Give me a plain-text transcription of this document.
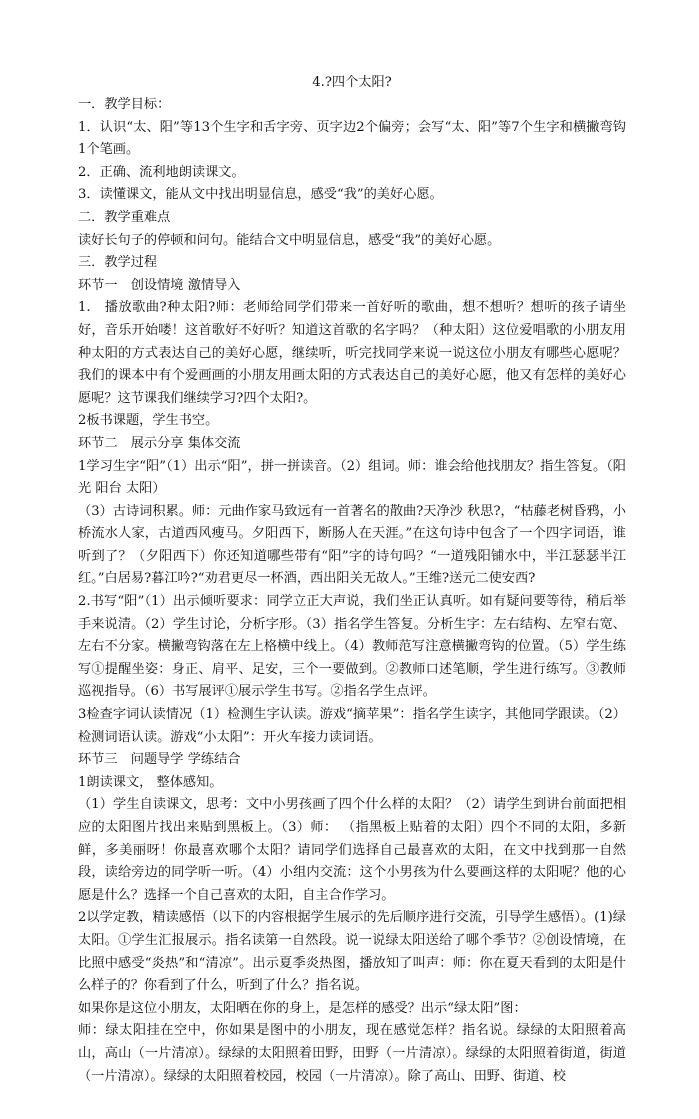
4.?四个太阳?

一．教学目标：

1．认识“太、阳”等13个生字和舌字旁、页字边2个偏旁；会写“太、阳”等7个生字和横撇弯钩1个笔画。

2．正确、流利地朗读课文。

3．读懂课文，能从文中找出明显信息，感受“我”的美好心愿。

二．教学重难点

读好长句子的停顿和问句。能结合文中明显信息，感受“我”的美好心愿。

三．教学过程

环节一　创设情境 激情导入

1.　播放歌曲?种太阳?师：老师给同学们带来一首好听的歌曲，想不想听？想听的孩子请坐好，音乐开始喽！这首歌好不好听？知道这首歌的名字吗？（种太阳）这位爱唱歌的小朋友用种太阳的方式表达自己的美好心愿，继续听，听完找同学来说一说这位小朋友有哪些心愿呢？我们的课本中有个爱画画的小朋友用画太阳的方式表达自己的美好心愿，他又有怎样的美好心愿呢？这节课我们继续学习?四个太阳?。

2板书课题，学生书空。

环节二　展示分享 集体交流

1学习生字“阳”（1）出示“阳”，拼一拼读音。（2）组词。师：谁会给他找朋友？指生答复。（阳光 阳台 太阳）

（3）古诗词积累。师：元曲作家马致远有一首著名的散曲?天净沙 秋思?，“枯藤老树昏鸦，小桥流水人家，古道西风瘦马。夕阳西下，断肠人在天涯。”在这句诗中包含了一个四字词语，谁听到了？（夕阳西下）你还知道哪些带有“阳”字的诗句吗？“一道残阳铺水中，半江瑟瑟半江红。”白居易?暮江吟?“劝君更尽一杯酒，西出阳关无故人。”王维?送元二使安西?

2.书写“阳”（1）出示倾听要求：同学立正大声说，我们坐正认真听。如有疑问要等待，稍后举手来说清。（2）学生讨论，分析字形。（3）指名学生答复。分析生字：左右结构、左窄右宽、左右不分家。横撇弯钩落在左上格横中线上。（4）教师范写注意横撇弯钩的位置。（5）学生练写①提醒坐姿：身正、肩平、足安，三个一要做到。②教师口述笔顺，学生进行练写。③教师巡视指导。（6）书写展评①展示学生书写。②指名学生点评。

3检查字词认读情况（1）检测生字认读。游戏“摘苹果”：指名学生读字，其他同学跟读。（2）检测词语认读。游戏“小太阳”：开火车接力读词语。

环节三　问题导学 学练结合

1朗读课文， 整体感知。

（1）学生自读课文，思考：文中小男孩画了四个什么样的太阳？（2）请学生到讲台前面把相应的太阳图片找出来贴到黑板上。（3）师： （指黑板上贴着的太阳）四个不同的太阳，多新鲜，多美丽呀！你最喜欢哪个太阳？请同学们选择自己最喜欢的太阳，在文中找到那一自然段，读给旁边的同学听一听。（4）小组内交流：这个小男孩为什么要画这样的太阳呢？他的心愿是什么？选择一个自己喜欢的太阳，自主合作学习。

2以学定教，精读感悟（以下的内容根据学生展示的先后顺序进行交流，引导学生感悟）。(1)绿太阳。①学生汇报展示。指名读第一自然段。说一说绿太阳送给了哪个季节？②创设情境，在比照中感受“炎热”和“清凉”。出示夏季炎热图，播放知了叫声：师：你在夏天看到的太阳是什么样子的？你看到了什么，听到了什么？指名说。

如果你是这位小朋友，太阳晒在你的身上，是怎样的感受？出示“绿太阳”图：

师：绿太阳挂在空中，你如果是图中的小朋友，现在感觉怎样？指名说。绿绿的太阳照着高山，高山（一片清凉）。绿绿的太阳照着田野，田野（一片清凉）。绿绿的太阳照着街道，街道（一片清凉）。绿绿的太阳照着校园，校园（一片清凉）。除了高山、田野、街道、校
